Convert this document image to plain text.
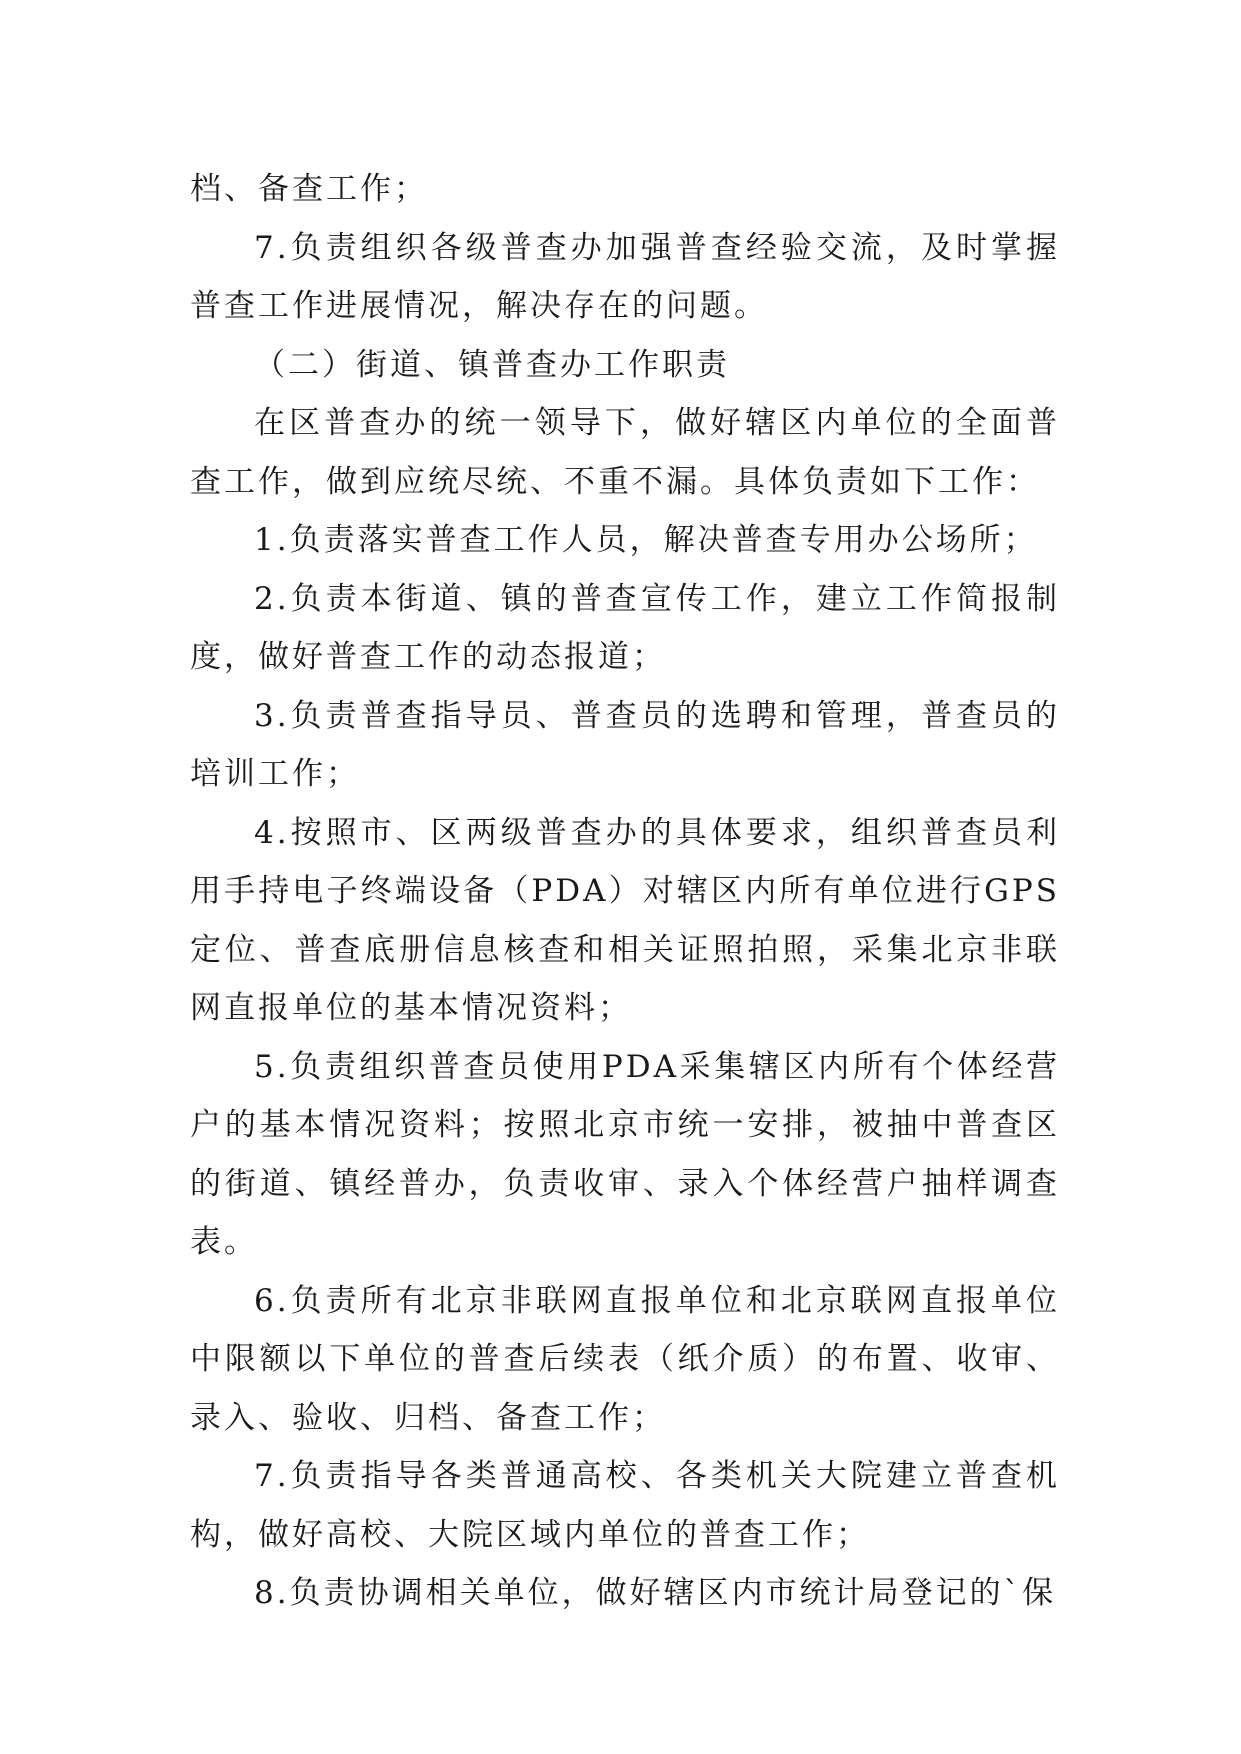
档、备查工作；

7.负责组织各级普查办加强普查经验交流，及时掌握普查工作进展情况，解决存在的问题。

（二）街道、镇普查办工作职责

在区普查办的统一领导下，做好辖区内单位的全面普查工作，做到应统尽统、不重不漏。具体负责如下工作：

1.负责落实普查工作人员，解决普查专用办公场所；

2.负责本街道、镇的普查宣传工作，建立工作简报制度，做好普查工作的动态报道；

3.负责普查指导员、普查员的选聘和管理，普查员的培训工作；

4.按照市、区两级普查办的具体要求，组织普查员利用手持电子终端设备（PDA）对辖区内所有单位进行GPS定位、普查底册信息核查和相关证照拍照，采集北京非联网直报单位的基本情况资料；

5.负责组织普查员使用PDA采集辖区内所有个体经营户的基本情况资料；按照北京市统一安排，被抽中普查区的街道、镇经普办，负责收审、录入个体经营户抽样调查表。

6.负责所有北京非联网直报单位和北京联网直报单位中限额以下单位的普查后续表（纸介质）的布置、收审、录入、验收、归档、备查工作；

7.负责指导各类普通高校、各类机关大院建立普查机构，做好高校、大院区域内单位的普查工作；

8.负责协调相关单位，做好辖区内市统计局登记的`保
